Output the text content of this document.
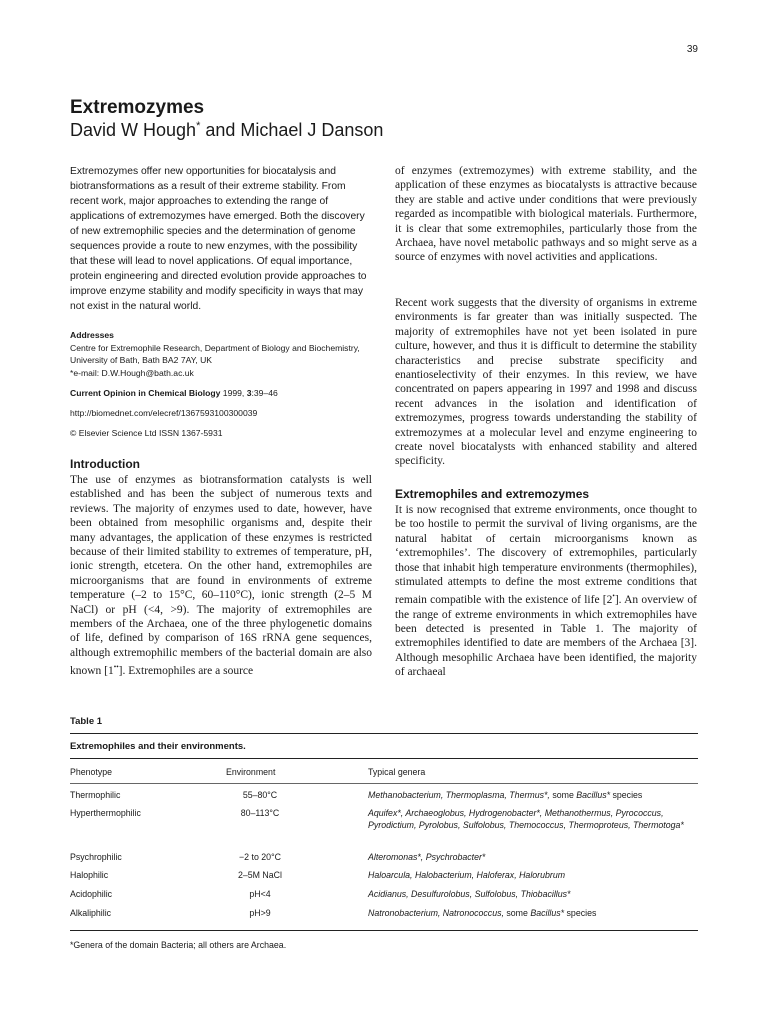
39
Extremozymes
David W Hough* and Michael J Danson

Extremozymes offer new opportunities for biocatalysis and biotransformations as a result of their extreme stability. From recent work, major approaches to extending the range of applications of extremozymes have emerged. Both the discovery of new extremophilic species and the determination of genome sequences provide a route to new enzymes, with the possibility that these will lead to novel applications. Of equal importance, protein engineering and directed evolution provide approaches to improve enzyme stability and modify specificity in ways that may not exist in the natural world.

Addresses
Centre for Extremophile Research, Department of Biology and Biochemistry, University of Bath, Bath BA2 7AY, UK
*e-mail: D.W.Hough@bath.ac.uk
Current Opinion in Chemical Biology 1999, 3:39–46
http://biomednet.com/elecref/1367593100300039
© Elsevier Science Ltd ISSN 1367-5931
Introduction

The use of enzymes as biotransformation catalysts is well established and has been the subject of numerous texts and reviews. The majority of enzymes used to date, however, have been obtained from mesophilic organisms and, despite their many advantages, the application of these enzymes is restricted because of their limited stability to extremes of temperature, pH, ionic strength, etcetera. On the other hand, extremophiles are microorganisms that are found in environments of extreme temperature (–2 to 15°C, 60–110°C), ionic strength (2–5 M NaCl) or pH (<4, >9). The majority of extremophiles are members of the Archaea, one of the three phylogenetic domains of life, defined by comparison of 16S rRNA gene sequences, although extremophilic members of the bacterial domain are also known [1••]. Extremophiles are a source

of enzymes (extremozymes) with extreme stability, and the application of these enzymes as biocatalysts is attractive because they are stable and active under conditions that were previously regarded as incompatible with biological materials. Furthermore, it is clear that some extremophiles, particularly those from the Archaea, have novel metabolic pathways and so might serve as a source of enzymes with novel activities and applications.

Recent work suggests that the diversity of organisms in extreme environments is far greater than was initially suspected. The majority of extremophiles have not yet been isolated in pure culture, however, and thus it is difficult to determine the stability characteristics and precise substrate specificity and enantioselectivity of their enzymes. In this review, we have concentrated on papers appearing in 1997 and 1998 and discuss recent advances in the isolation and identification of extremozymes, progress towards understanding the stability of extremozymes at a molecular level and enzyme engineering to create novel biocatalysts with enhanced stability and altered specificity.

Extremophiles and extremozymes

It is now recognised that extreme environments, once thought to be too hostile to permit the survival of living organisms, are the natural habitat of certain microorganisms known as ‘extremophiles’. The discovery of extremophiles, particularly those that inhabit high temperature environments (thermophiles), stimulated attempts to define the most extreme conditions that remain compatible with the existence of life [2•]. An overview of the range of extreme environments in which extremophiles have been detected is presented in Table 1. The majority of extremophiles identified to date are members of the Archaea [3]. Although mesophilic Archaea have been identified, the majority of archaeal

Table 1
Extremophiles and their environments.
Phenotype	Environment	Typical genera
Thermophilic	55–80°C	Methanobacterium, Thermoplasma, Thermus*, some Bacillus* species
Hyperthermophilic	80–113°C	Aquifex*, Archaeoglobus, Hydrogenobacter*, Methanothermus, Pyrococcus, Pyrodictium, Pyrolobus, Sulfolobus, Themococcus, Thermoproteus, Thermotoga*
Psychrophilic	−2 to 20°C	Alteromonas*, Psychrobacter*
Halophilic	2–5M NaCl	Haloarcula, Halobacterium, Haloferax, Halorubrum
Acidophilic	pH<4	Acidianus, Desulfurolobus, Sulfolobus, Thiobacillus*
Alkaliphilic	pH>9	Natronobacterium, Natronococcus, some Bacillus* species
*Genera of the domain Bacteria; all others are Archaea.
